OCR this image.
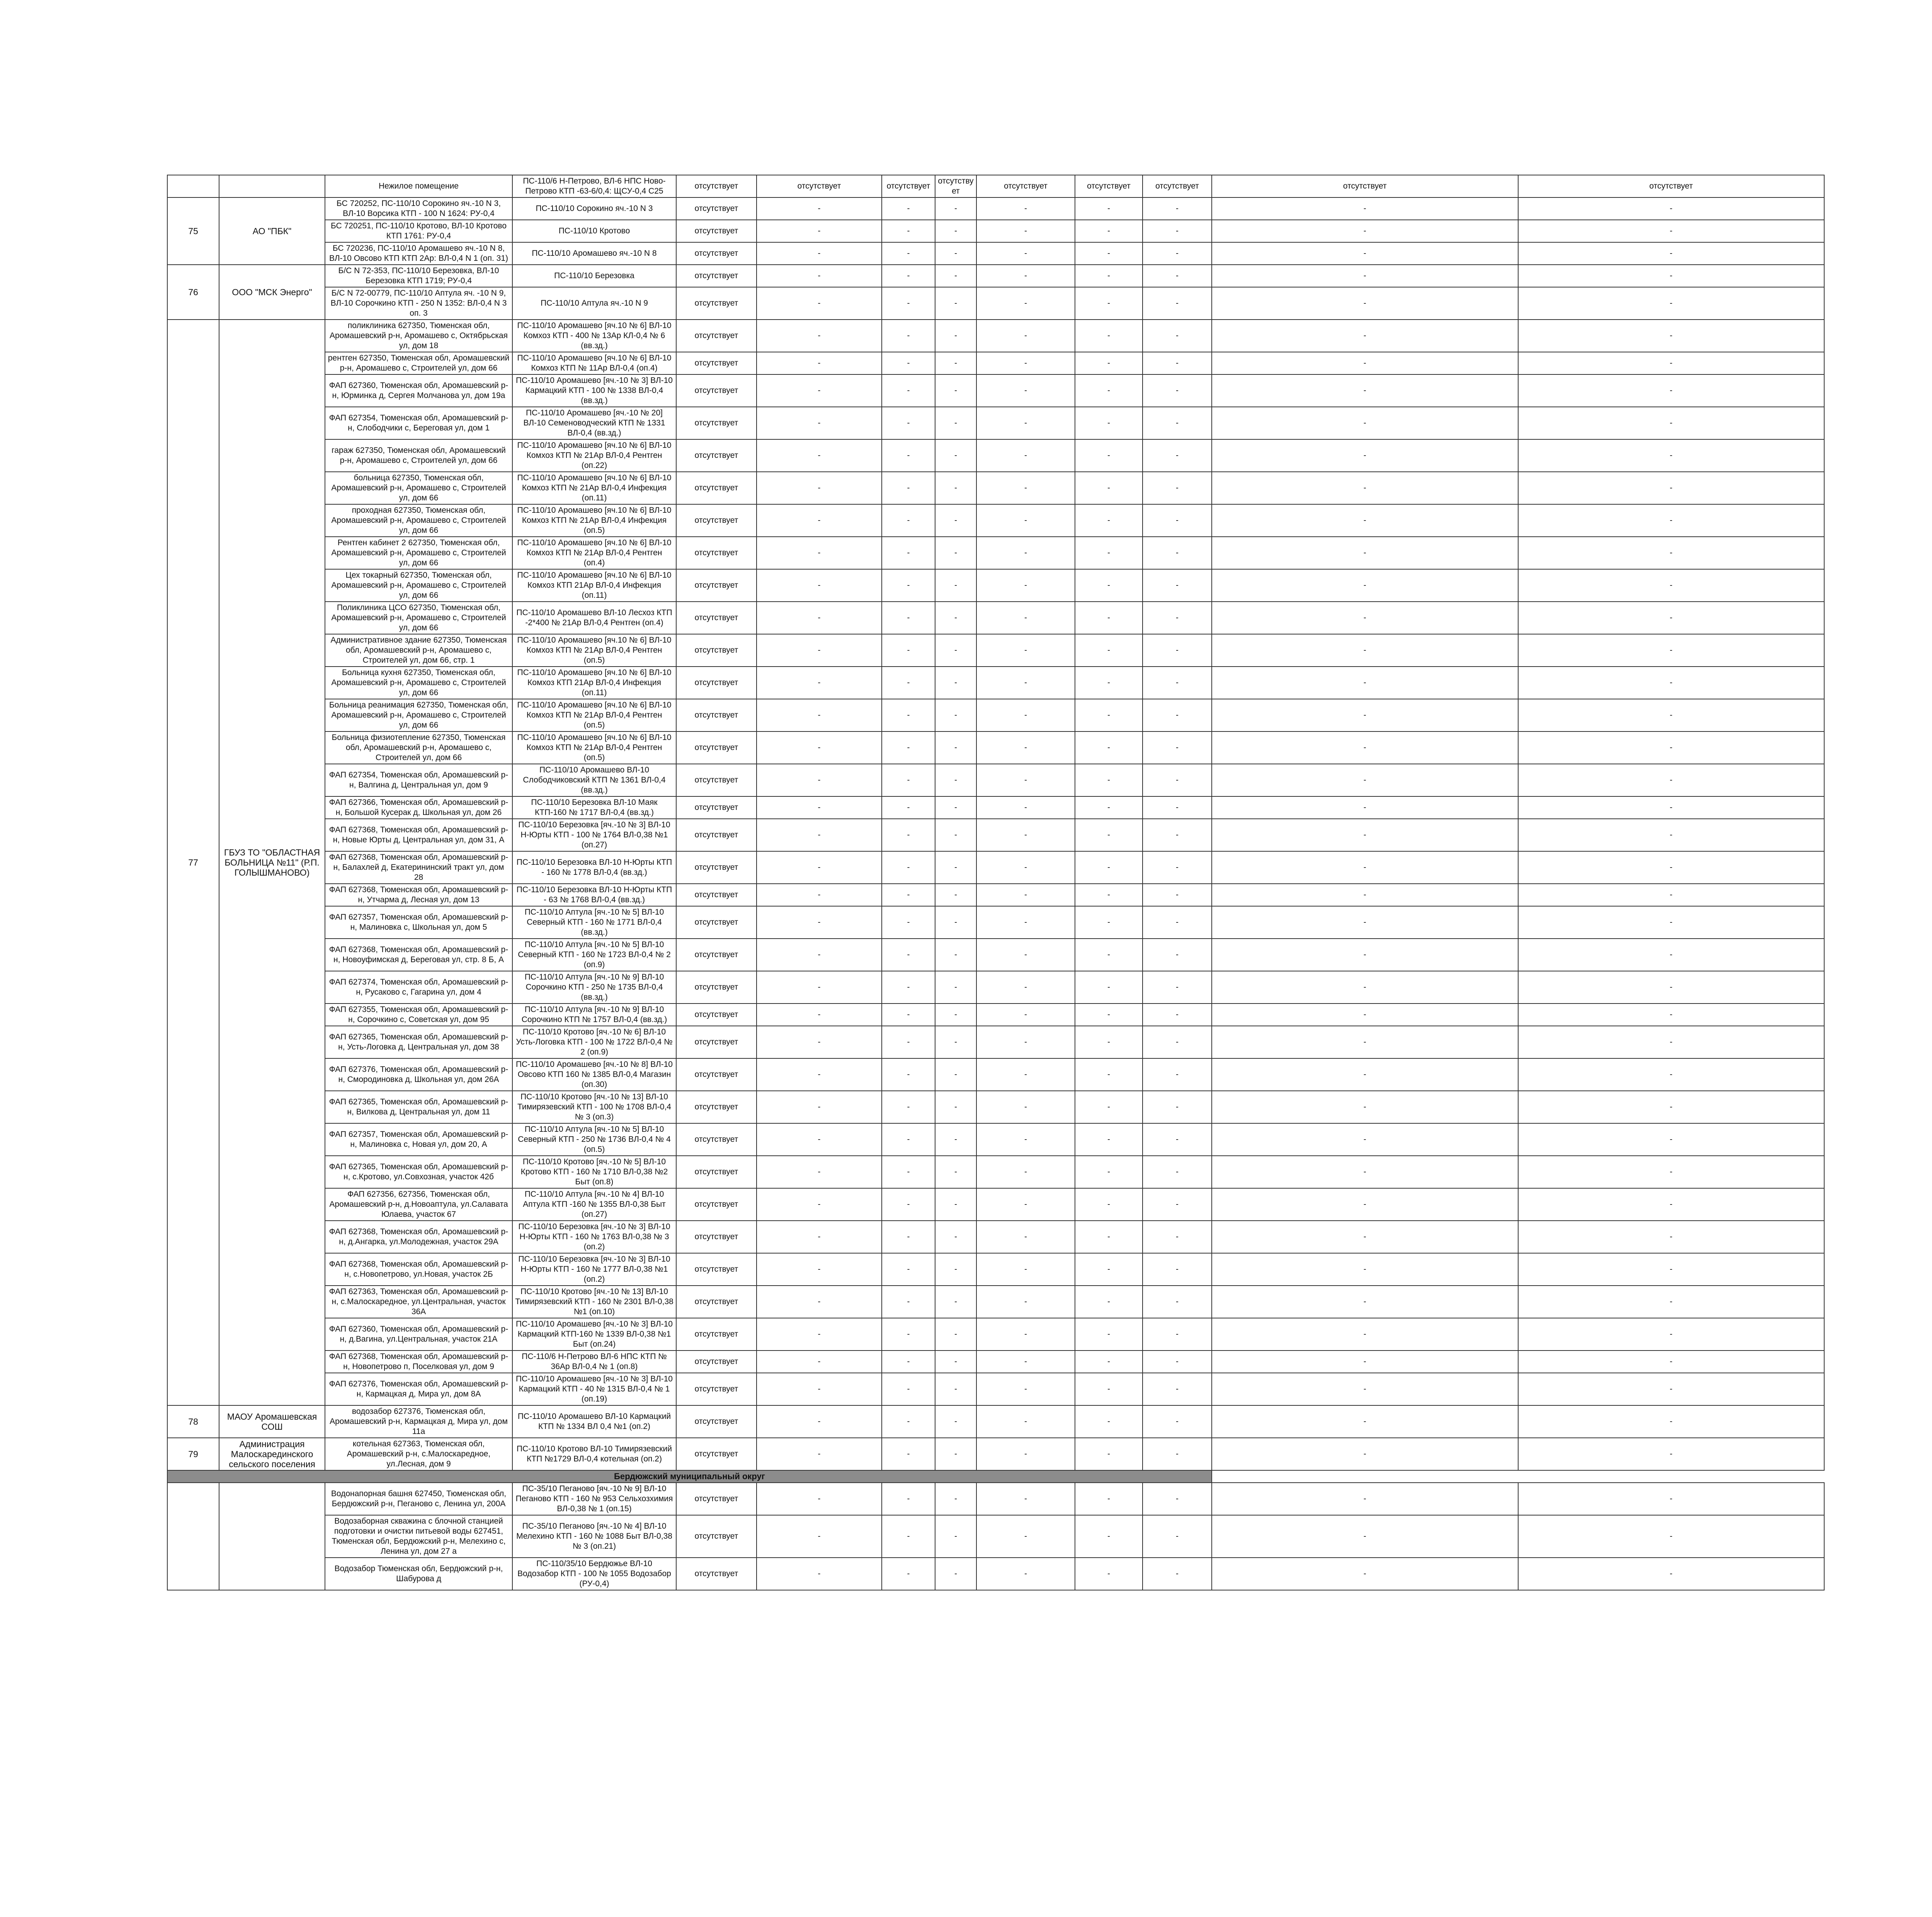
		Нежилое помещение	ПС-110/6 Н-Петрово, ВЛ-6 НПС Ново-Петрово КТП -63-6/0,4: ЩСУ-0,4 С25	отсутствует	отсутствует	отсутствует	отсутствует	отсутствует	отсутствует	отсутствует	отсутствует	отсутствует
75	АО "ПБК"	БС 720252, ПС-110/10 Сорокино яч.-10 N 3, ВЛ-10 Ворсика КТП - 100 N 1624: РУ-0,4	ПС-110/10 Сорокино яч.-10 N 3	отсутствует	-	-	-	-	-	-	-	-
		БС 720251, ПС-110/10 Кротово, ВЛ-10 Кротово КТП 1761: РУ-0,4	ПС-110/10 Кротово	отсутствует	-	-	-	-	-	-	-	-
		БС 720236, ПС-110/10 Аромашево яч.-10 N 8, ВЛ-10 Овсово КТП КТП 2Ар: ВЛ-0,4 N 1 (оп. 31)	ПС-110/10 Аромашево яч.-10 N 8	отсутствует	-	-	-	-	-	-	-	-
76	ООО "МСК Энерго"	Б/С N 72-353, ПС-110/10 Березовка, ВЛ-10 Березовка КТП 1719; РУ-0,4	ПС-110/10 Березовка	отсутствует	-	-	-	-	-	-	-	-
		Б/С N 72-00779, ПС-110/10 Аптула яч. -10 N 9, ВЛ-10 Сорочкино КТП - 250 N 1352: ВЛ-0,4 N 3 оп. 3	ПС-110/10 Аптула яч.-10 N 9	отсутствует	-	-	-	-	-	-	-	-
77	ГБУЗ ТО "ОБЛАСТНАЯ БОЛЬНИЦА №11" (Р.П. ГОЛЫШМАНОВО)	поликлиника 627350, Тюменская обл, Аромашевский р-н, Аромашево с, Октябрьская ул, дом 18	ПС-110/10 Аромашево [яч.10 № 6] ВЛ-10 Комхоз КТП - 400 № 13Ар КЛ-0,4 № 6 (вв.зд.)	отсутствует	-	-	-	-	-	-	-	-
		рентген 627350, Тюменская обл, Аромашевский р-н, Аромашево с, Строителей ул, дом 66	ПС-110/10 Аромашево [яч.10 № 6] ВЛ-10 Комхоз КТП № 11Ар ВЛ-0,4 (оп.4)	отсутствует	-	-	-	-	-	-	-	-
		ФАП 627360, Тюменская обл, Аромашевский р-н, Юрминка д, Сергея Молчанова ул, дом 19а	ПС-110/10 Аромашево [яч.-10 № 3] ВЛ-10 Кармацкий КТП - 100 № 1338 ВЛ-0,4 (вв.зд.)	отсутствует	-	-	-	-	-	-	-	-
		ФАП 627354, Тюменская обл, Аромашевский р-н, Слободчики с, Береговая ул, дом 1	ПС-110/10 Аромашево [яч.-10 № 20] ВЛ-10 Семеноводческий КТП № 1331 ВЛ-0,4 (вв.зд.)	отсутствует	-	-	-	-	-	-	-	-
		гараж 627350, Тюменская обл, Аромашевский р-н, Аромашево с, Строителей ул, дом 66	ПС-110/10 Аромашево [яч.10 № 6] ВЛ-10 Комхоз КТП № 21Ар ВЛ-0,4 Рентген (оп.22)	отсутствует	-	-	-	-	-	-	-	-
		больница 627350, Тюменская обл, Аромашевский р-н, Аромашево с, Строителей ул, дом 66	ПС-110/10 Аромашево [яч.10 № 6] ВЛ-10 Комхоз КТП № 21Ар ВЛ-0,4 Инфекция (оп.11)	отсутствует	-	-	-	-	-	-	-	-
		проходная 627350, Тюменская обл, Аромашевский р-н, Аромашево с, Строителей ул, дом 66	ПС-110/10 Аромашево [яч.10 № 6] ВЛ-10 Комхоз КТП № 21Ар ВЛ-0,4 Инфекция (оп.5)	отсутствует	-	-	-	-	-	-	-	-
		Рентген кабинет 2 627350, Тюменская обл, Аромашевский р-н, Аромашево с, Строителей ул, дом 66	ПС-110/10 Аромашево [яч.10 № 6] ВЛ-10 Комхоз КТП № 21Ар ВЛ-0,4 Рентген (оп.4)	отсутствует	-	-	-	-	-	-	-	-
		Цех токарный 627350, Тюменская обл, Аромашевский р-н, Аромашево с, Строителей ул, дом 66	ПС-110/10 Аромашево [яч.10 № 6] ВЛ-10 Комхоз КТП 21Ар ВЛ-0,4 Инфекция (оп.11)	отсутствует	-	-	-	-	-	-	-	-
		Поликлиника ЦСО 627350, Тюменская обл, Аромашевский р-н, Аромашево с, Строителей ул, дом 66	ПС-110/10 Аромашево ВЛ-10 Лесхоз КТП -2*400 № 21Ар ВЛ-0,4 Рентген (оп.4)	отсутствует	-	-	-	-	-	-	-	-
		Административное здание 627350, Тюменская обл, Аромашевский р-н, Аромашево с, Строителей ул, дом 66, стр. 1	ПС-110/10 Аромашево [яч.10 № 6] ВЛ-10 Комхоз КТП № 21Ар ВЛ-0,4 Рентген (оп.5)	отсутствует	-	-	-	-	-	-	-	-
		Больница кухня 627350, Тюменская обл, Аромашевский р-н, Аромашево с, Строителей ул, дом 66	ПС-110/10 Аромашево [яч.10 № 6] ВЛ-10 Комхоз КТП 21Ар ВЛ-0,4 Инфекция (оп.11)	отсутствует	-	-	-	-	-	-	-	-
		Больница реанимация 627350, Тюменская обл, Аромашевский р-н, Аромашево с, Строителей ул, дом 66	ПС-110/10 Аромашево [яч.10 № 6] ВЛ-10 Комхоз КТП № 21Ар ВЛ-0,4 Рентген (оп.5)	отсутствует	-	-	-	-	-	-	-	-
		Больница физиотепление 627350, Тюменская обл, Аромашевский р-н, Аромашево с, Строителей ул, дом 66	ПС-110/10 Аромашево [яч.10 № 6] ВЛ-10 Комхоз КТП № 21Ар ВЛ-0,4 Рентген (оп.5)	отсутствует	-	-	-	-	-	-	-	-
		ФАП 627354, Тюменская обл, Аромашевский р-н, Валгина д, Центральная ул, дом 9	ПС-110/10 Аромашево ВЛ-10 Слободчиковский КТП № 1361 ВЛ-0,4 (вв.зд.)	отсутствует	-	-	-	-	-	-	-	-
		ФАП 627366, Тюменская обл, Аромашевский р-н, Большой Кусерак д, Школьная ул, дом 26	ПС-110/10 Березовка ВЛ-10 Маяк КТП-160 № 1717 ВЛ-0,4 (вв.зд.)	отсутствует	-	-	-	-	-	-	-	-
		ФАП 627368, Тюменская обл, Аромашевский р-н, Новые Юрты д, Центральная ул, дом 31, А	ПС-110/10 Березовка [яч.-10 № 3] ВЛ-10 Н-Юрты КТП - 100 № 1764 ВЛ-0,38 №1 (оп.27)	отсутствует	-	-	-	-	-	-	-	-
		ФАП 627368, Тюменская обл, Аромашевский р-н, Балахлей д, Екатерининский тракт ул, дом 28	ПС-110/10 Березовка ВЛ-10 Н-Юрты КТП - 160 № 1778 ВЛ-0,4 (вв.зд.)	отсутствует	-	-	-	-	-	-	-	-
		ФАП 627368, Тюменская обл, Аромашевский р-н, Утчарма д, Лесная ул, дом 13	ПС-110/10 Березовка ВЛ-10 Н-Юрты КТП - 63 № 1768 ВЛ-0,4 (вв.зд.)	отсутствует	-	-	-	-	-	-	-	-
		ФАП 627357, Тюменская обл, Аромашевский р-н, Малиновка с, Школьная ул, дом 5	ПС-110/10 Аптула [яч.-10 № 5] ВЛ-10 Северный КТП - 160 № 1771 ВЛ-0,4 (вв.зд.)	отсутствует	-	-	-	-	-	-	-	-
		ФАП 627368, Тюменская обл, Аромашевский р-н, Новоуфимская д, Береговая ул, стр. 8 Б, А	ПС-110/10 Аптула [яч.-10 № 5] ВЛ-10 Северный КТП - 160 № 1723 ВЛ-0,4 № 2 (оп.9)	отсутствует	-	-	-	-	-	-	-	-
		ФАП 627374, Тюменская обл, Аромашевский р-н, Русаково с, Гагарина ул, дом 4	ПС-110/10 Аптула [яч.-10 № 9] ВЛ-10 Сорочкино КТП - 250 № 1735 ВЛ-0,4 (вв.зд.)	отсутствует	-	-	-	-	-	-	-	-
		ФАП 627355, Тюменская обл, Аромашевский р-н, Сорочкино с, Советская ул, дом 95	ПС-110/10 Аптула [яч.-10 № 9] ВЛ-10 Сорочкино КТП № 1757 ВЛ-0,4 (вв.зд.)	отсутствует	-	-	-	-	-	-	-	-
		ФАП 627365, Тюменская обл, Аромашевский р-н, Усть-Логовка д, Центральная ул, дом 38	ПС-110/10 Кротово [яч.-10 № 6] ВЛ-10 Усть-Логовка КТП - 100 № 1722 ВЛ-0,4 № 2 (оп.9)	отсутствует	-	-	-	-	-	-	-	-
		ФАП 627376, Тюменская обл, Аромашевский р-н, Смородиновка д, Школьная ул, дом 26А	ПС-110/10 Аромашево [яч.-10 № 8] ВЛ-10 Овсово КТП 160 № 1385 ВЛ-0,4 Магазин (оп.30)	отсутствует	-	-	-	-	-	-	-	-
		ФАП 627365, Тюменская обл, Аромашевский р-н, Вилкова д, Центральная ул, дом 11	ПС-110/10 Кротово [яч.-10 № 13] ВЛ-10 Тимирязевский КТП - 100 № 1708 ВЛ-0,4 № 3 (оп.3)	отсутствует	-	-	-	-	-	-	-	-
		ФАП 627357, Тюменская обл, Аромашевский р-н, Малиновка с, Новая ул, дом 20, А	ПС-110/10 Аптула [яч.-10 № 5] ВЛ-10 Северный КТП - 250 № 1736 ВЛ-0,4 № 4 (оп.5)	отсутствует	-	-	-	-	-	-	-	-
		ФАП 627365, Тюменская обл, Аромашевский р-н, с.Кротово, ул.Совхозная, участок 42б	ПС-110/10 Кротово [яч.-10 № 5] ВЛ-10 Кротово КТП - 160 № 1710 ВЛ-0,38 №2 Быт (оп.8)	отсутствует	-	-	-	-	-	-	-	-
		ФАП 627356, 627356, Тюменская обл, Аромашевский р-н, д.Новоаптула, ул.Салавата Юлаева, участок 67	ПС-110/10 Аптула [яч.-10 № 4] ВЛ-10 Аптула КТП -160 № 1355 ВЛ-0,38 Быт (оп.27)	отсутствует	-	-	-	-	-	-	-	-
		ФАП 627368, Тюменская обл, Аромашевский р-н, д.Ангарка, ул.Молодежная, участок 29А	ПС-110/10 Березовка [яч.-10 № 3] ВЛ-10 Н-Юрты КТП - 160 № 1763 ВЛ-0,38 № 3 (оп.2)	отсутствует	-	-	-	-	-	-	-	-
		ФАП 627368, Тюменская обл, Аромашевский р-н, с.Новопетрово, ул.Новая, участок 2Б	ПС-110/10 Березовка [яч.-10 № 3] ВЛ-10 Н-Юрты КТП - 160 № 1777 ВЛ-0,38 №1 (оп.2)	отсутствует	-	-	-	-	-	-	-	-
		ФАП 627363, Тюменская обл, Аромашевский р-н, с.Малоскаредное, ул.Центральная, участок 36А	ПС-110/10 Кротово [яч.-10 № 13] ВЛ-10 Тимирязевский КТП - 160 № 2301 ВЛ-0,38 №1 (оп.10)	отсутствует	-	-	-	-	-	-	-	-
		ФАП 627360, Тюменская обл, Аромашевский р-н, д.Вагина, ул.Центральная, участок 21А	ПС-110/10 Аромашево [яч.-10 № 3] ВЛ-10 Кармацкий КТП-160 № 1339 ВЛ-0,38 №1 Быт (оп.24)	отсутствует	-	-	-	-	-	-	-	-
		ФАП 627368, Тюменская обл, Аромашевский р-н, Новопетрово п, Поселковая ул, дом 9	ПС-110/6 Н-Петрово ВЛ-6 НПС КТП № 36Ар ВЛ-0,4 № 1 (оп.8)	отсутствует	-	-	-	-	-	-	-	-
		ФАП 627376, Тюменская обл, Аромашевский р-н, Кармацкая д, Мира ул, дом 8А	ПС-110/10 Аромашево [яч.-10 № 3] ВЛ-10 Кармацкий КТП - 40 № 1315 ВЛ-0,4 № 1 (оп.19)	отсутствует	-	-	-	-	-	-	-	-
78	МАОУ Аромашевская СОШ	водозабор 627376, Тюменская обл, Аромашевский р-н, Кармацкая д, Мира ул, дом 11а	ПС-110/10 Аромашево ВЛ-10 Кармацкий КТП № 1334 ВЛ 0,4 №1 (оп.2)	отсутствует	-	-	-	-	-	-	-	-
79	Администрация Малоскарединского сельского поселения	котельная 627363, Тюменская обл, Аромашевский р-н, с.Малоскаредное, ул.Лесная, дом 9	ПС-110/10 Кротово ВЛ-10 Тимирязевский КТП №1729 ВЛ-0,4 котельная (оп.2)	отсутствует	-	-	-	-	-	-	-	-
Бердюжский муниципальный округ												
		Водонапорная башня 627450, Тюменская обл, Бердюжский р-н, Пеганово с, Ленина ул, 200А	ПС-35/10 Пеганово [яч.-10 № 9] ВЛ-10 Пеганово КТП - 160 № 953 Сельхозхимия ВЛ-0,38 № 1 (оп.15)	отсутствует	-	-	-	-	-	-	-	-
		Водозаборная скважина с блочной станцией подготовки и очистки питьевой воды 627451, Тюменская обл, Бердюжский р-н, Мелехино с, Ленина ул, дом 27 а	ПС-35/10 Пеганово [яч.-10 № 4] ВЛ-10 Мелехино КТП - 160 № 1088 Быт ВЛ-0,38 № 3 (оп.21)	отсутствует	-	-	-	-	-	-	-	-
		Водозабор Тюменская обл, Бердюжский р-н, Шабурова д	ПС-110/35/10 Бердюжье ВЛ-10 Водозабор КТП - 100 № 1055 Водозабор (РУ-0,4)	отсутствует	-	-	-	-	-	-	-	-
